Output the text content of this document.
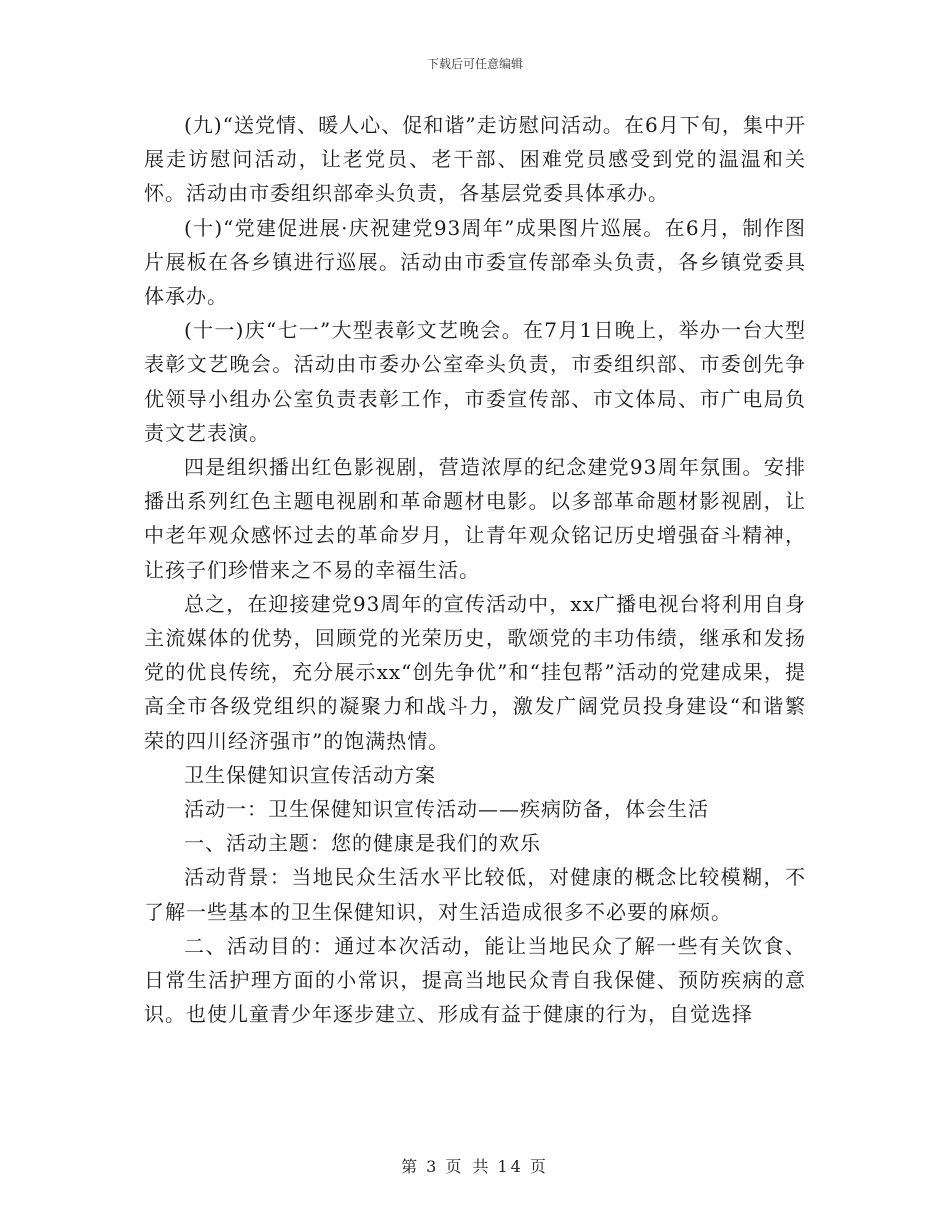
下载后可任意编辑

(九)“送党情、暖人心、促和谐”走访慰问活动。在6月下旬，集中开展走访慰问活动，让老党员、老干部、困难党员感受到党的温温和关怀。活动由市委组织部牵头负责，各基层党委具体承办。

(十)“党建促进展·庆祝建党93周年”成果图片巡展。在6月，制作图片展板在各乡镇进行巡展。活动由市委宣传部牵头负责，各乡镇党委具体承办。

(十一)庆“七一”大型表彰文艺晚会。在7月1日晚上，举办一台大型表彰文艺晚会。活动由市委办公室牵头负责，市委组织部、市委创先争优领导小组办公室负责表彰工作，市委宣传部、市文体局、市广电局负责文艺表演。

四是组织播出红色影视剧，营造浓厚的纪念建党93周年氛围。安排播出系列红色主题电视剧和革命题材电影。以多部革命题材影视剧，让中老年观众感怀过去的革命岁月，让青年观众铭记历史增强奋斗精神，让孩子们珍惜来之不易的幸福生活。

总之，在迎接建党93周年的宣传活动中，xx广播电视台将利用自身主流媒体的优势，回顾党的光荣历史，歌颂党的丰功伟绩，继承和发扬党的优良传统，充分展示xx“创先争优”和“挂包帮”活动的党建成果，提高全市各级党组织的凝聚力和战斗力，激发广阔党员投身建设“和谐繁荣的四川经济强市”的饱满热情。

卫生保健知识宣传活动方案

活动一：卫生保健知识宣传活动——疾病防备，体会生活

一、活动主题：您的健康是我们的欢乐

活动背景：当地民众生活水平比较低，对健康的概念比较模糊，不了解一些基本的卫生保健知识，对生活造成很多不必要的麻烦。

二、活动目的：通过本次活动，能让当地民众了解一些有关饮食、日常生活护理方面的小常识，提高当地民众青自我保健、预防疾病的意识。也使儿童青少年逐步建立、形成有益于健康的行为，自觉选择

第 3 页 共 14 页
